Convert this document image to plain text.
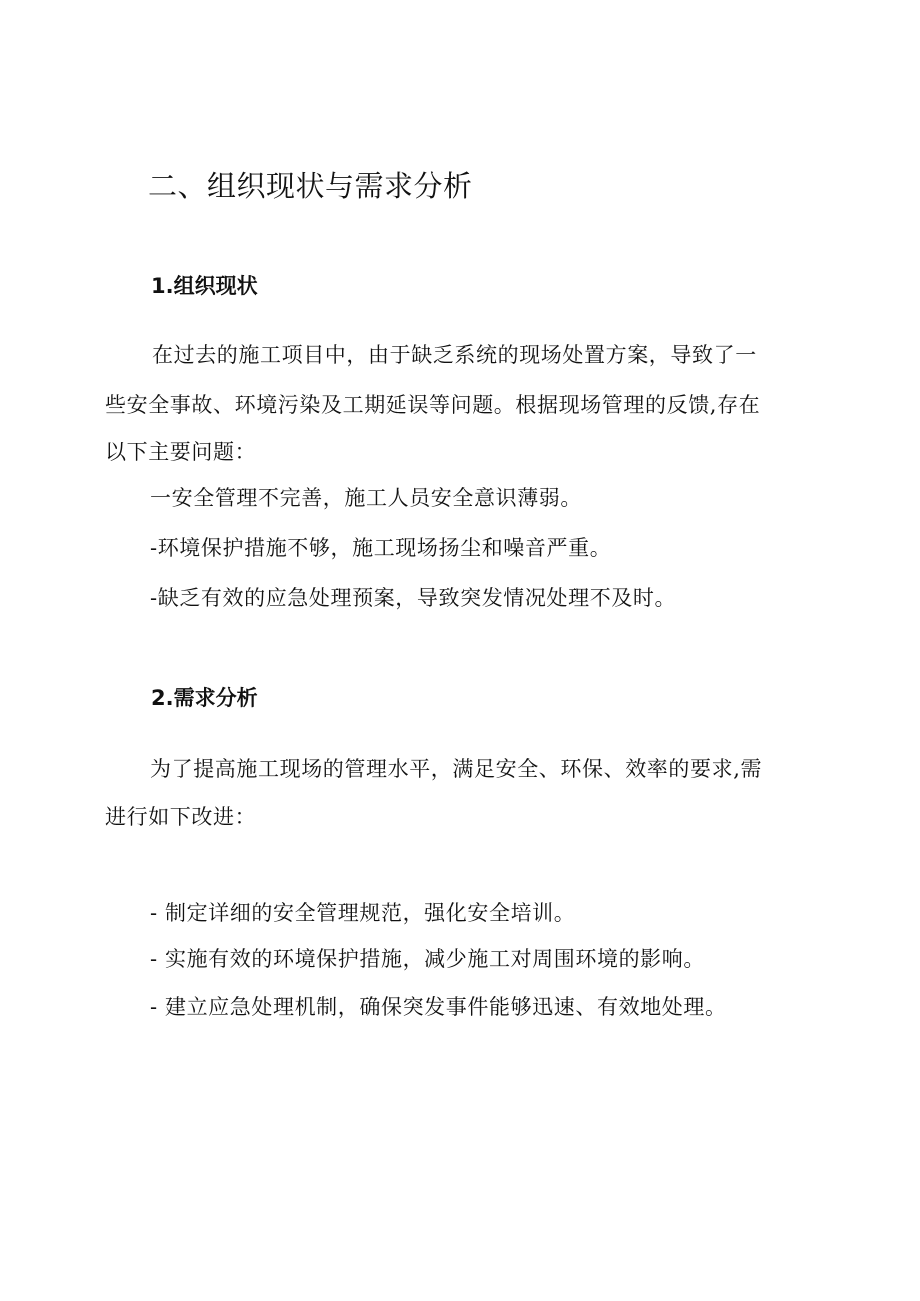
二、组织现状与需求分析
1.组织现状

在过去的施工项目中，由于缺乏系统的现场处置方案，导致了一

些安全事故、环境污染及工期延误等问题。根据现场管理的反馈,存在

以下主要问题：

一安全管理不完善，施工人员安全意识薄弱。

-环境保护措施不够，施工现场扬尘和噪音严重。

-缺乏有效的应急处理预案，导致突发情况处理不及时。

2.需求分析

为了提高施工现场的管理水平，满足安全、环保、效率的要求,需

进行如下改进：

- 制定详细的安全管理规范，强化安全培训。

- 实施有效的环境保护措施，减少施工对周围环境的影响。

- 建立应急处理机制，确保突发事件能够迅速、有效地处理。
